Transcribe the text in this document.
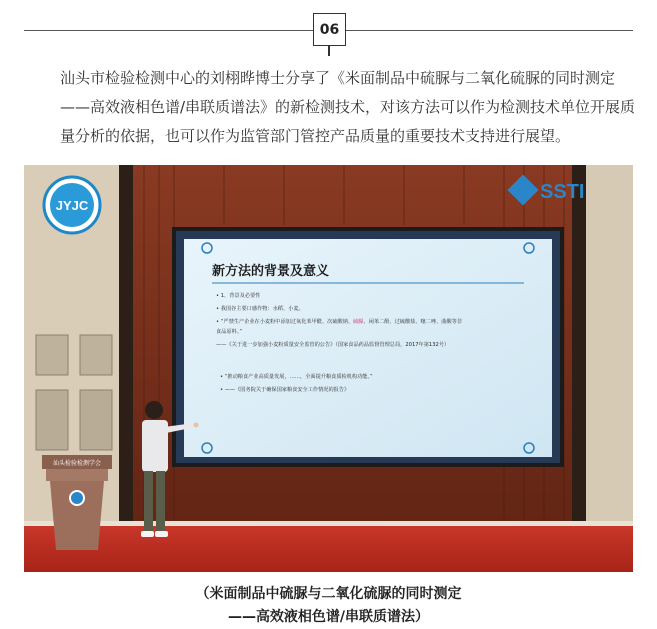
06

汕头市检验检测中心的刘栩晔博士分享了《米面制品中硫脲与二氧化硫脲的同时测定——高效液相色谱/串联质谱法》的新检测技术，对该方法可以作为检测技术单位开展质量分析的依据，也可以作为监管部门管控产品质量的重要技术支持进行展望。

JYJC
SSTI
新方法的背景及意义
• 1、背景及必要性
• 我国谷主要口感作物：水稻、小麦。
• “严禁生产企业在小麦粉中添加过氧化苯甲酰、次硫酸钠、硫脲、闲苯二酚、过硫酸盐、噻二唑、曲酸等非
食品原料。”
——《关于进一步加强小麦粉质量安全监管的公告》（国家食品药品监督管理总局，2017年第132号）
• “推动粮食产业高质量发展，……，全面提升粮食质检机构功能。”
• ——《国务院关于确保国家粮食安全工作情况的报告》
汕头检验检测学会
（米面制品中硫脲与二氧化硫脲的同时测定
——高效液相色谱/串联质谱法）
